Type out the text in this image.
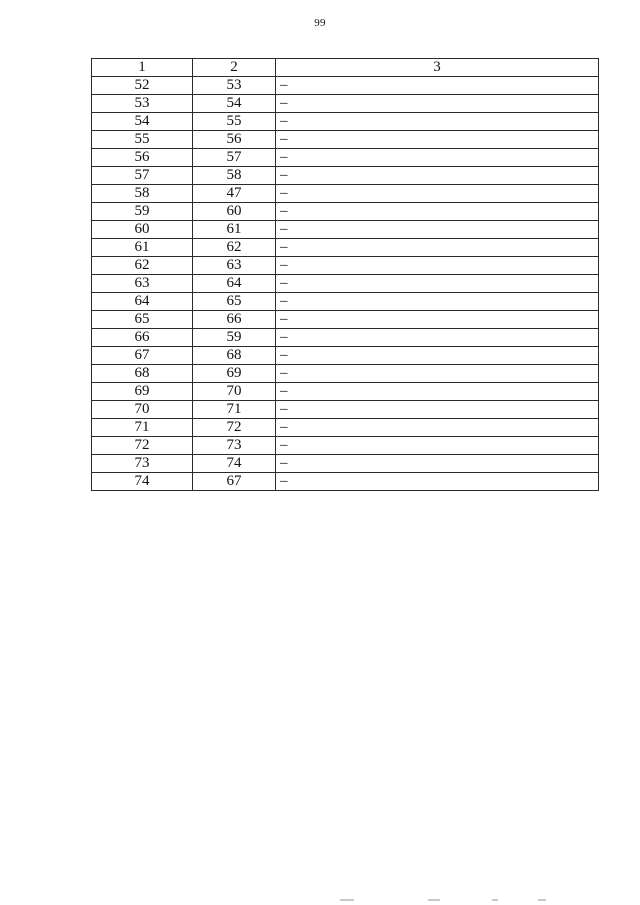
99
1	2	3
52	53	–
53	54	–
54	55	–
55	56	–
56	57	–
57	58	–
58	47	–
59	60	–
60	61	–
61	62	–
62	63	–
63	64	–
64	65	–
65	66	–
66	59	–
67	68	–
68	69	–
69	70	–
70	71	–
71	72	–
72	73	–
73	74	–
74	67	–
